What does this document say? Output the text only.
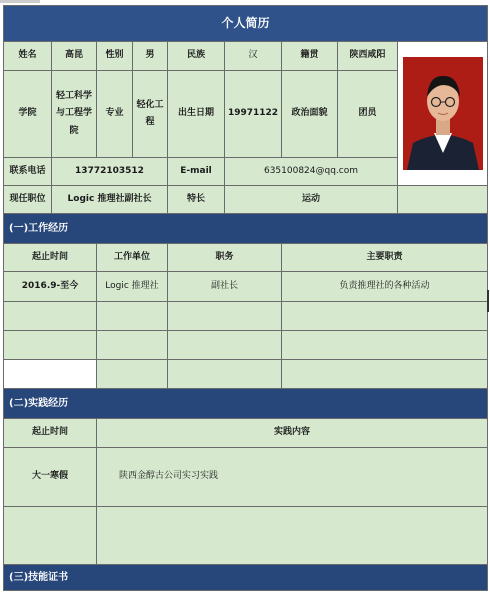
个人简历								
姓名	高昆	性别	男	民族	汉	籍贯	陕西咸阳	

学院	轻工科学与工程学院	专业	轻化工程	出生日期	19971122	政治面貌	团员	
联系电话	13772103512			E-mail	635100824@qq.com			
现任职位	Logic 推理社副社长			特长	运动			
(一)工作经历								
起止时间		工作单位		职务		主要职责		
2016.9-至今		Logic 推理社		副社长		负责推理社的各种活动		

(二)实践经历								
起止时间		实践内容						
大一寒假		陕西金醇古公司实习实践						

(三)技能证书								
